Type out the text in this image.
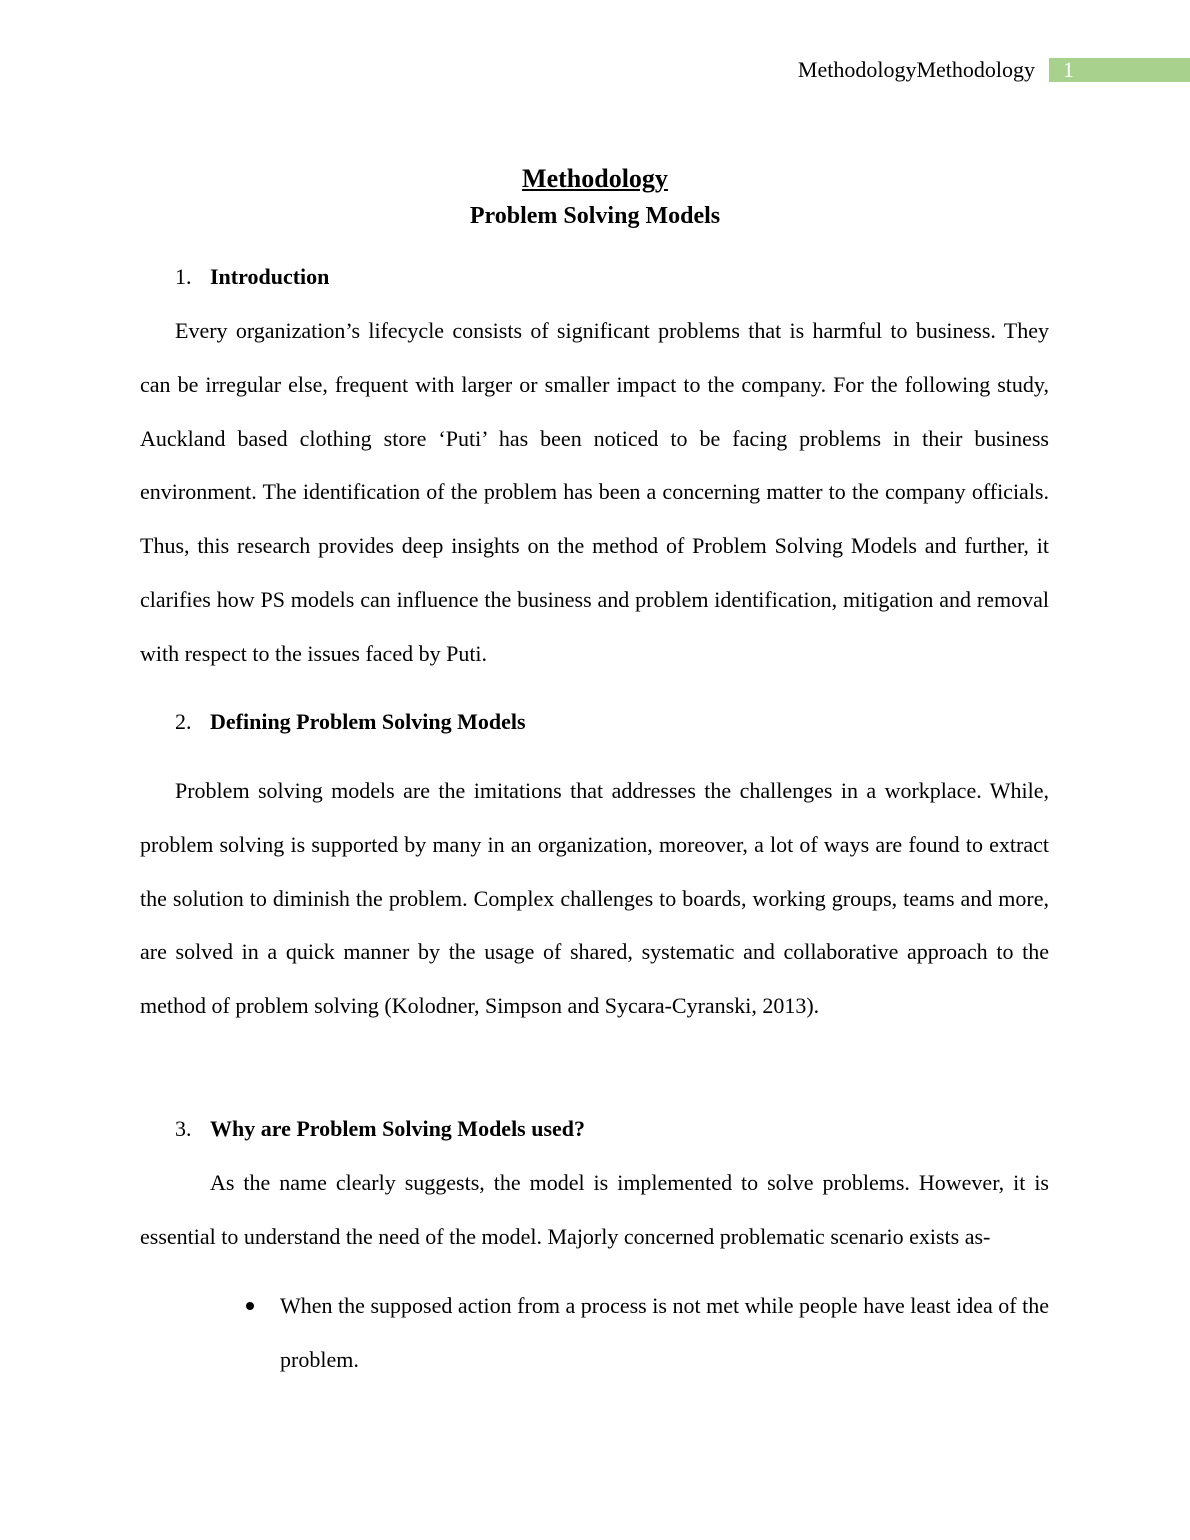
MethodologyMethodology	1
Methodology
Problem Solving Models
1. Introduction

Every organization’s lifecycle consists of significant problems that is harmful to business. They can be irregular else, frequent with larger or smaller impact to the company. For the following study, Auckland based clothing store ‘Puti’ has been noticed to be facing problems in their business environment. The identification of the problem has been a concerning matter to the company officials. Thus, this research provides deep insights on the method of Problem Solving Models and further, it clarifies how PS models can influence the business and problem identification, mitigation and removal with respect to the issues faced by Puti.

2. Defining Problem Solving Models

Problem solving models are the imitations that addresses the challenges in a workplace. While, problem solving is supported by many in an organization, moreover, a lot of ways are found to extract the solution to diminish the problem. Complex challenges to boards, working groups, teams and more, are solved in a quick manner by the usage of shared, systematic and collaborative approach to the method of problem solving (Kolodner, Simpson and Sycara-Cyranski, 2013).

3. Why are Problem Solving Models used?

As the name clearly suggests, the model is implemented to solve problems. However, it is essential to understand the need of the model. Majorly concerned problematic scenario exists as-

When the supposed action from a process is not met while people have least idea of the problem.
